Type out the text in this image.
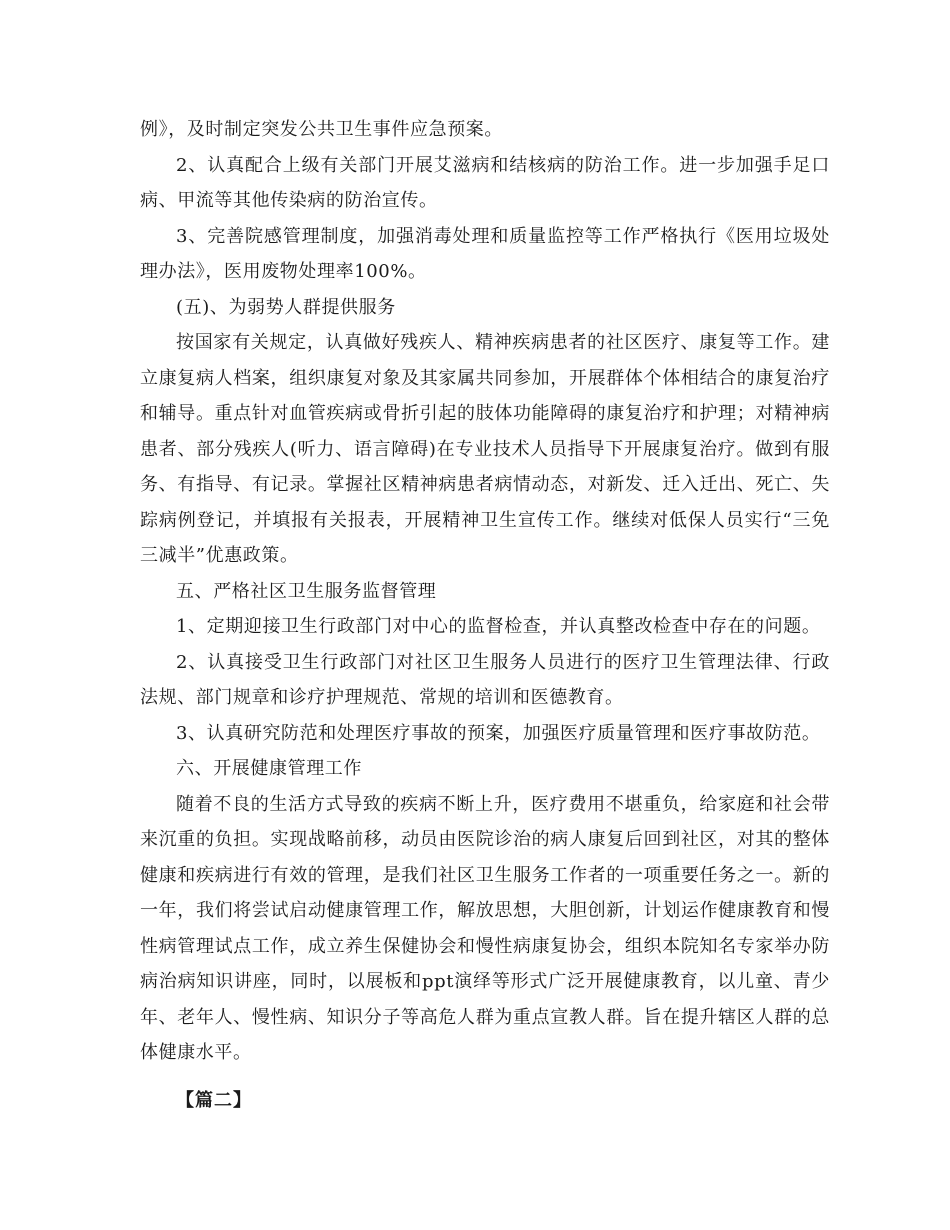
例》，及时制定突发公共卫生事件应急预案。

2、认真配合上级有关部门开展艾滋病和结核病的防治工作。进一步加强手足口病、甲流等其他传染病的防治宣传。

3、完善院感管理制度，加强消毒处理和质量监控等工作严格执行《医用垃圾处理办法》，医用废物处理率100%。

(五)、为弱势人群提供服务

按国家有关规定，认真做好残疾人、精神疾病患者的社区医疗、康复等工作。建立康复病人档案，组织康复对象及其家属共同参加，开展群体个体相结合的康复治疗和辅导。重点针对血管疾病或骨折引起的肢体功能障碍的康复治疗和护理；对精神病患者、部分残疾人(听力、语言障碍)在专业技术人员指导下开展康复治疗。做到有服务、有指导、有记录。掌握社区精神病患者病情动态，对新发、迁入迁出、死亡、失踪病例登记，并填报有关报表，开展精神卫生宣传工作。继续对低保人员实行“三免三减半”优惠政策。

五、严格社区卫生服务监督管理

1、定期迎接卫生行政部门对中心的监督检查，并认真整改检查中存在的问题。

2、认真接受卫生行政部门对社区卫生服务人员进行的医疗卫生管理法律、行政法规、部门规章和诊疗护理规范、常规的培训和医德教育。

3、认真研究防范和处理医疗事故的预案，加强医疗质量管理和医疗事故防范。

六、开展健康管理工作

随着不良的生活方式导致的疾病不断上升，医疗费用不堪重负，给家庭和社会带来沉重的负担。实现战略前移，动员由医院诊治的病人康复后回到社区，对其的整体健康和疾病进行有效的管理，是我们社区卫生服务工作者的一项重要任务之一。新的一年，我们将尝试启动健康管理工作，解放思想，大胆创新，计划运作健康教育和慢性病管理试点工作，成立养生保健协会和慢性病康复协会，组织本院知名专家举办防病治病知识讲座，同时，以展板和ppt演绎等形式广泛开展健康教育，以儿童、青少年、老年人、慢性病、知识分子等高危人群为重点宣教人群。旨在提升辖区人群的总体健康水平。

【篇二】
